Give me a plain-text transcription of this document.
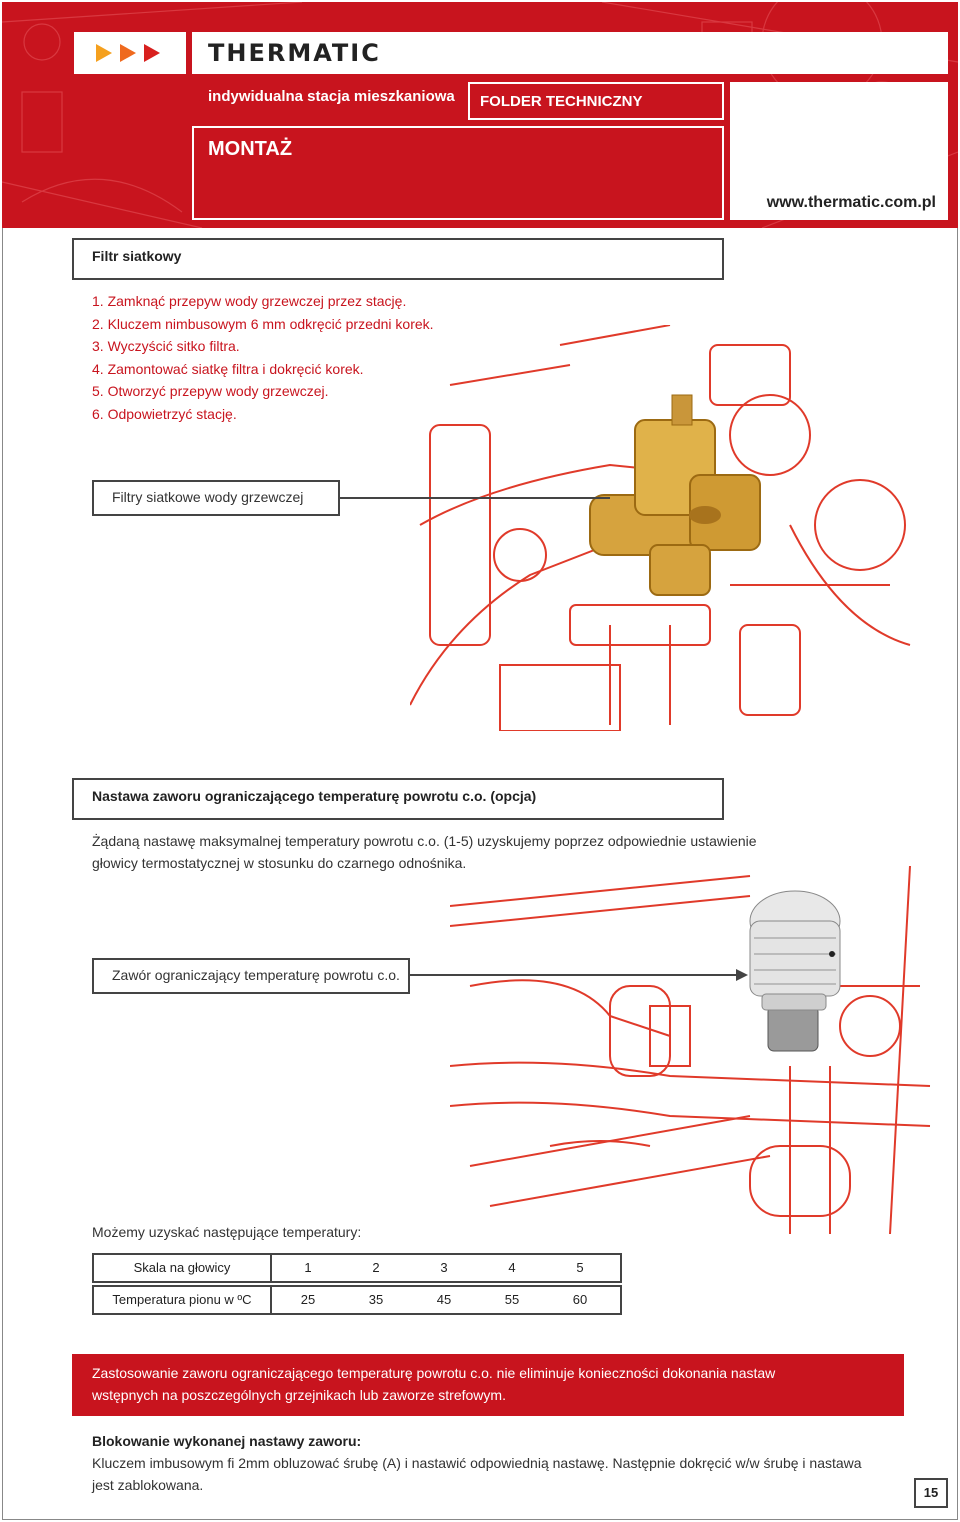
THERMATIC
indywidualna stacja mieszkaniowa FOLDER TECHNICZNY
MONTAŻ
www.thermatic.com.pl
Filtr siatkowy
1. Zamknąć przepyw wody grzewczej przez stację.
2. Kluczem nimbusowym 6 mm odkręcić przedni korek.
3. Wyczyścić sitko filtra.
4. Zamontować siatkę filtra i dokręcić korek.
5. Otworzyć przepyw wody grzewczej.
6. Odpowietrzyć stację.
Filtry siatkowe wody grzewczej
Nastawa zaworu ograniczającego temperaturę powrotu c.o. (opcja)
Żądaną nastawę maksymalnej temperatury powrotu c.o. (1-5) uzyskujemy poprzez odpowiednie ustawienie
głowicy termostatycznej w stosunku do czarnego odnośnika.
Zawór ograniczający temperaturę powrotu c.o.
Możemy uzyskać następujące temperatury:
Skala na głowicy	1	2	3	4	5
Temperatura pionu w ºC	25	35	45	55	60
Zastosowanie zaworu ograniczającego temperaturę powrotu c.o. nie eliminuje konieczności dokonania nastaw
wstępnych na poszczególnych grzejnikach lub zaworze strefowym.
Blokowanie wykonanej nastawy zaworu:
Kluczem imbusowym fi 2mm obluzować śrubę (A) i nastawić odpowiednią nastawę. Następnie dokręcić w/w śrubę i nastawa
jest zablokowana.	15
